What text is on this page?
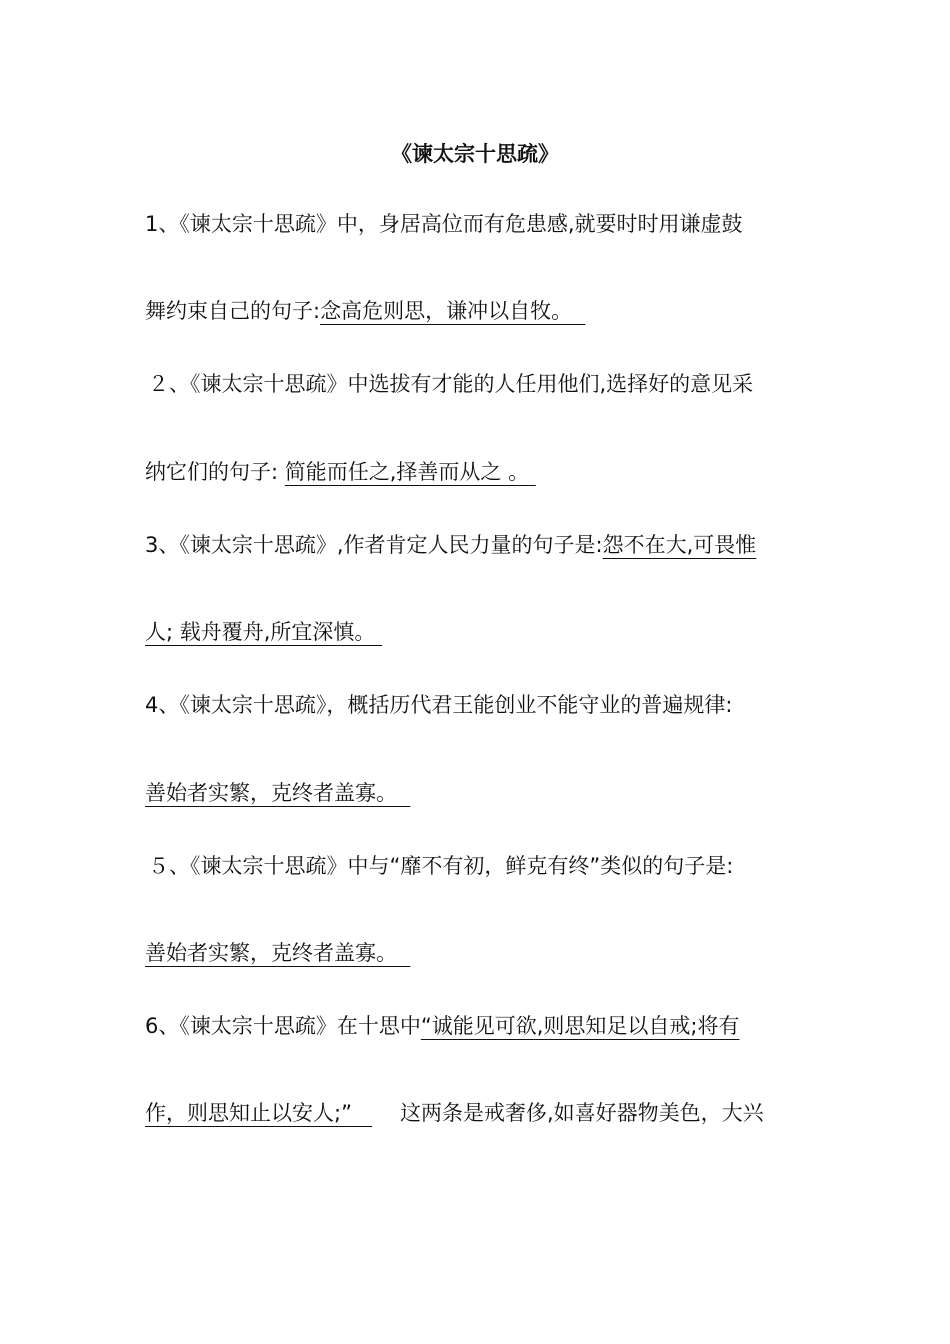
《谏太宗十思疏》
1、《谏太宗十思疏》中，身居高位而有危患感,就要时时用谦虚鼓
舞约束自己的句子:念高危则思，谦冲以自牧。
２、《谏太宗十思疏》中选拔有才能的人任用他们,选择好的意见采
纳它们的句子: 简能而任之,择善而从之 。
3、《谏太宗十思疏》,作者肯定人民力量的句子是:怨不在大,可畏惟
人; 载舟覆舟,所宜深慎。
4、《谏太宗十思疏》，概括历代君王能创业不能守业的普遍规律:
善始者实繁，克终者盖寡。
５、《谏太宗十思疏》中与“靡不有初，鲜克有终”类似的句子是:
善始者实繁，克终者盖寡。
6、《谏太宗十思疏》在十思中“诚能见可欲,则思知足以自戒;将有
作，则思知止以安人;” 这两条是戒奢侈,如喜好器物美色，大兴
